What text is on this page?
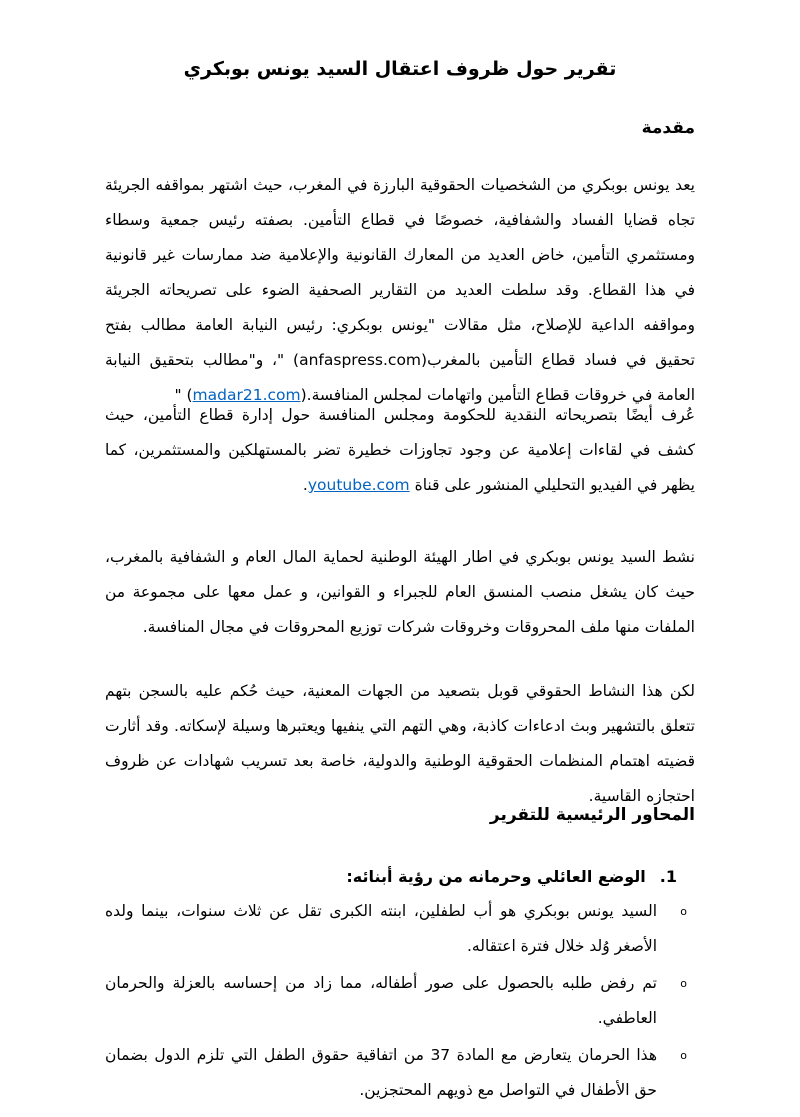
تقرير حول ظروف اعتقال السيد يونس بوبكري
مقدمة

يعد يونس بوبكري من الشخصيات الحقوقية البارزة في المغرب، حيث اشتهر بمواقفه الجريئة تجاه قضايا الفساد والشفافية، خصوصًا في قطاع التأمين. بصفته رئيس جمعية وسطاء ومستثمري التأمين، خاض العديد من المعارك القانونية والإعلامية ضد ممارسات غير قانونية في هذا القطاع. وقد سلطت العديد من التقارير الصحفية الضوء على تصريحاته الجريئة ومواقفه الداعية للإصلاح، مثل مقالات "يونس بوبكري: رئيس النيابة العامة مطالب بفتح تحقيق في فساد قطاع التأمين بالمغرب(anfaspress.com) "، و"مطالب بتحقيق النيابة العامة في خروقات قطاع التأمين واتهامات لمجلس المنافسة.(madar21.com) "

عُرف أيضًا بتصريحاته النقدية للحكومة ومجلس المنافسة حول إدارة قطاع التأمين، حيث كشف في لقاءات إعلامية عن وجود تجاوزات خطيرة تضر بالمستهلكين والمستثمرين، كما يظهر في الفيديو التحليلي المنشور على قناة youtube.com.

نشط السيد يونس بوبكري في اطار الهيئة الوطنية لحماية المال العام و الشفافية بالمغرب، حيث كان يشغل منصب المنسق العام للجبراء و القوانين، و عمل معها على مجموعة من الملفات منها ملف المحروقات وخروقات شركات توزيع المحروقات في مجال المنافسة.

لكن هذا النشاط الحقوقي قوبل بتصعيد من الجهات المعنية، حيث حُكم عليه بالسجن بتهم تتعلق بالتشهير وبث ادعاءات كاذبة، وهي التهم التي ينفيها ويعتبرها وسيلة لإسكاته. وقد أثارت قضيته اهتمام المنظمات الحقوقية الوطنية والدولية، خاصة بعد تسريب شهادات عن ظروف احتجازه القاسية.

المحاور الرئيسية للتقرير
1.
الوضع العائلي وحرمانه من رؤية أبنائه:
o
السيد يونس بوبكري هو أب لطفلين، ابنته الكبرى تقل عن ثلاث سنوات، بينما ولده الأصغر وُلد خلال فترة اعتقاله.
o
تم رفض طلبه بالحصول على صور أطفاله، مما زاد من إحساسه بالعزلة والحرمان العاطفي.
o
هذا الحرمان يتعارض مع المادة 37 من اتفاقية حقوق الطفل التي تلزم الدول بضمان حق الأطفال في التواصل مع ذويهم المحتجزين.
